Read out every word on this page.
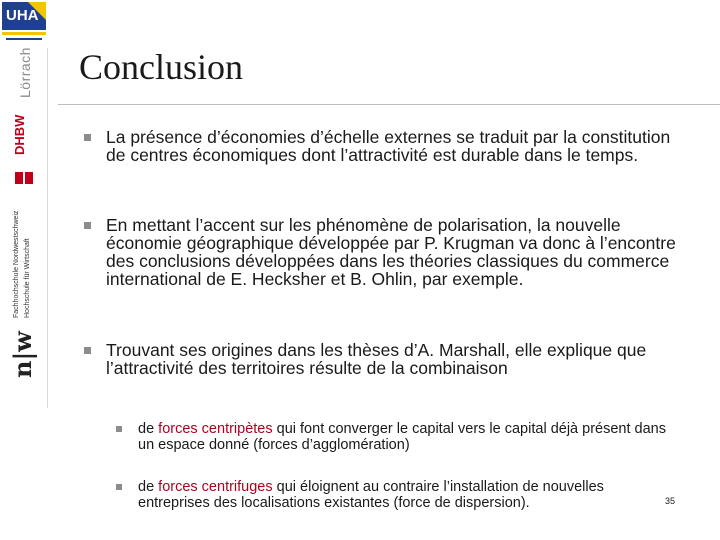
UHA
Lörrach
DHBW
Fachhochschule Nordwestschweiz Hochschule für Wirtschaft
n|w
Conclusion
La présence d’économies d’échelle externes se traduit par la constitution de centres économiques dont l’attractivité est durable dans le temps.
En mettant l’accent sur les phénomène de polarisation, la nouvelle économie géographique développée par P. Krugman va donc à l’encontre des conclusions développées dans les théories classiques du commerce international de E. Hecksher et B. Ohlin, par exemple.
Trouvant ses origines dans les thèses d’A. Marshall, elle explique que l’attractivité des territoires résulte de la combinaison
de forces centripètes qui font converger le capital vers le capital déjà présent dans un espace donné (forces d’agglomération)
de forces centrifuges qui éloignent au contraire l’installation de nouvelles entreprises des localisations existantes (force de dispersion).	35
